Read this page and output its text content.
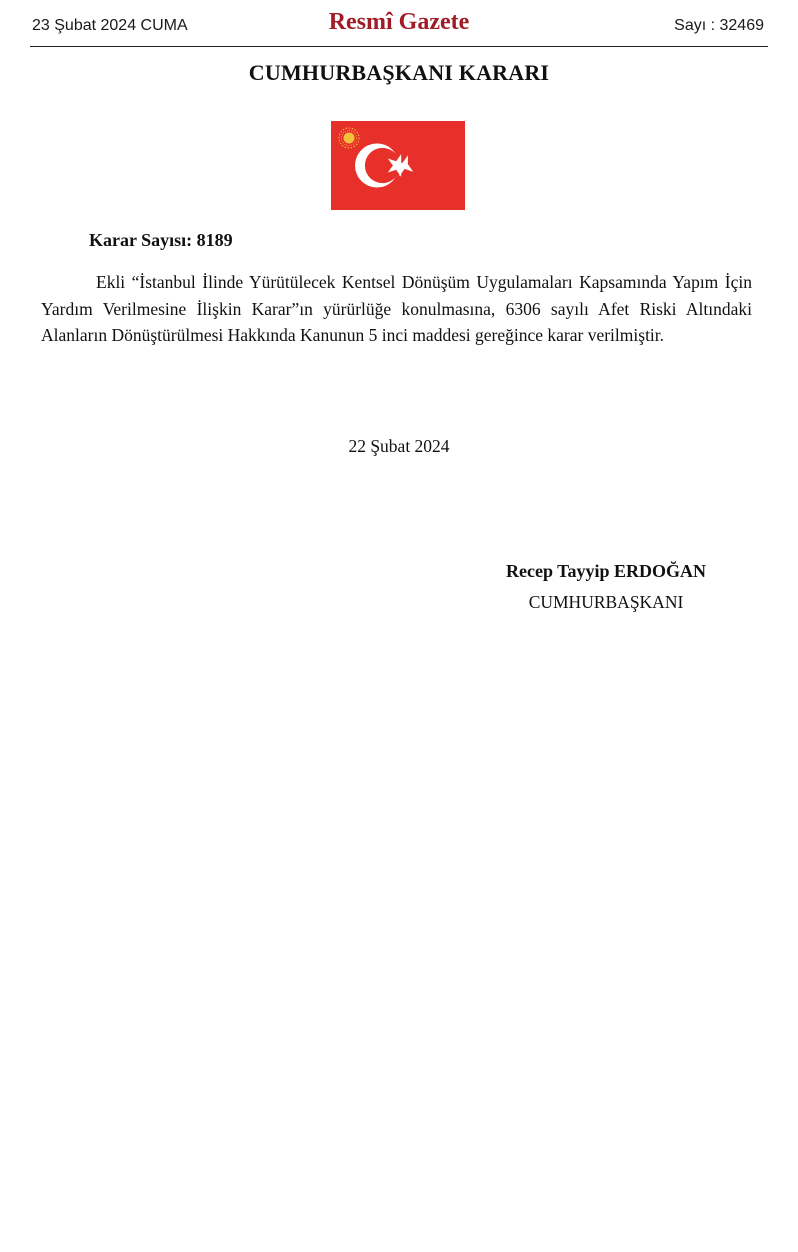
23 Şubat 2024 CUMA	Resmî Gazete	Sayı : 32469
CUMHURBAŞKANI KARARI
Karar Sayısı: 8189

Ekli “İstanbul İlinde Yürütülecek Kentsel Dönüşüm Uygulamaları Kapsamında Yapım İçin Yardım Verilmesine İlişkin Karar”ın yürürlüğe konulmasına, 6306 sayılı Afet Riski Altındaki Alanların Dönüştürülmesi Hakkında Kanunun 5 inci maddesi gereğince karar verilmiştir.

22 Şubat 2024
Recep Tayyip ERDOĞAN
CUMHURBAŞKANI
